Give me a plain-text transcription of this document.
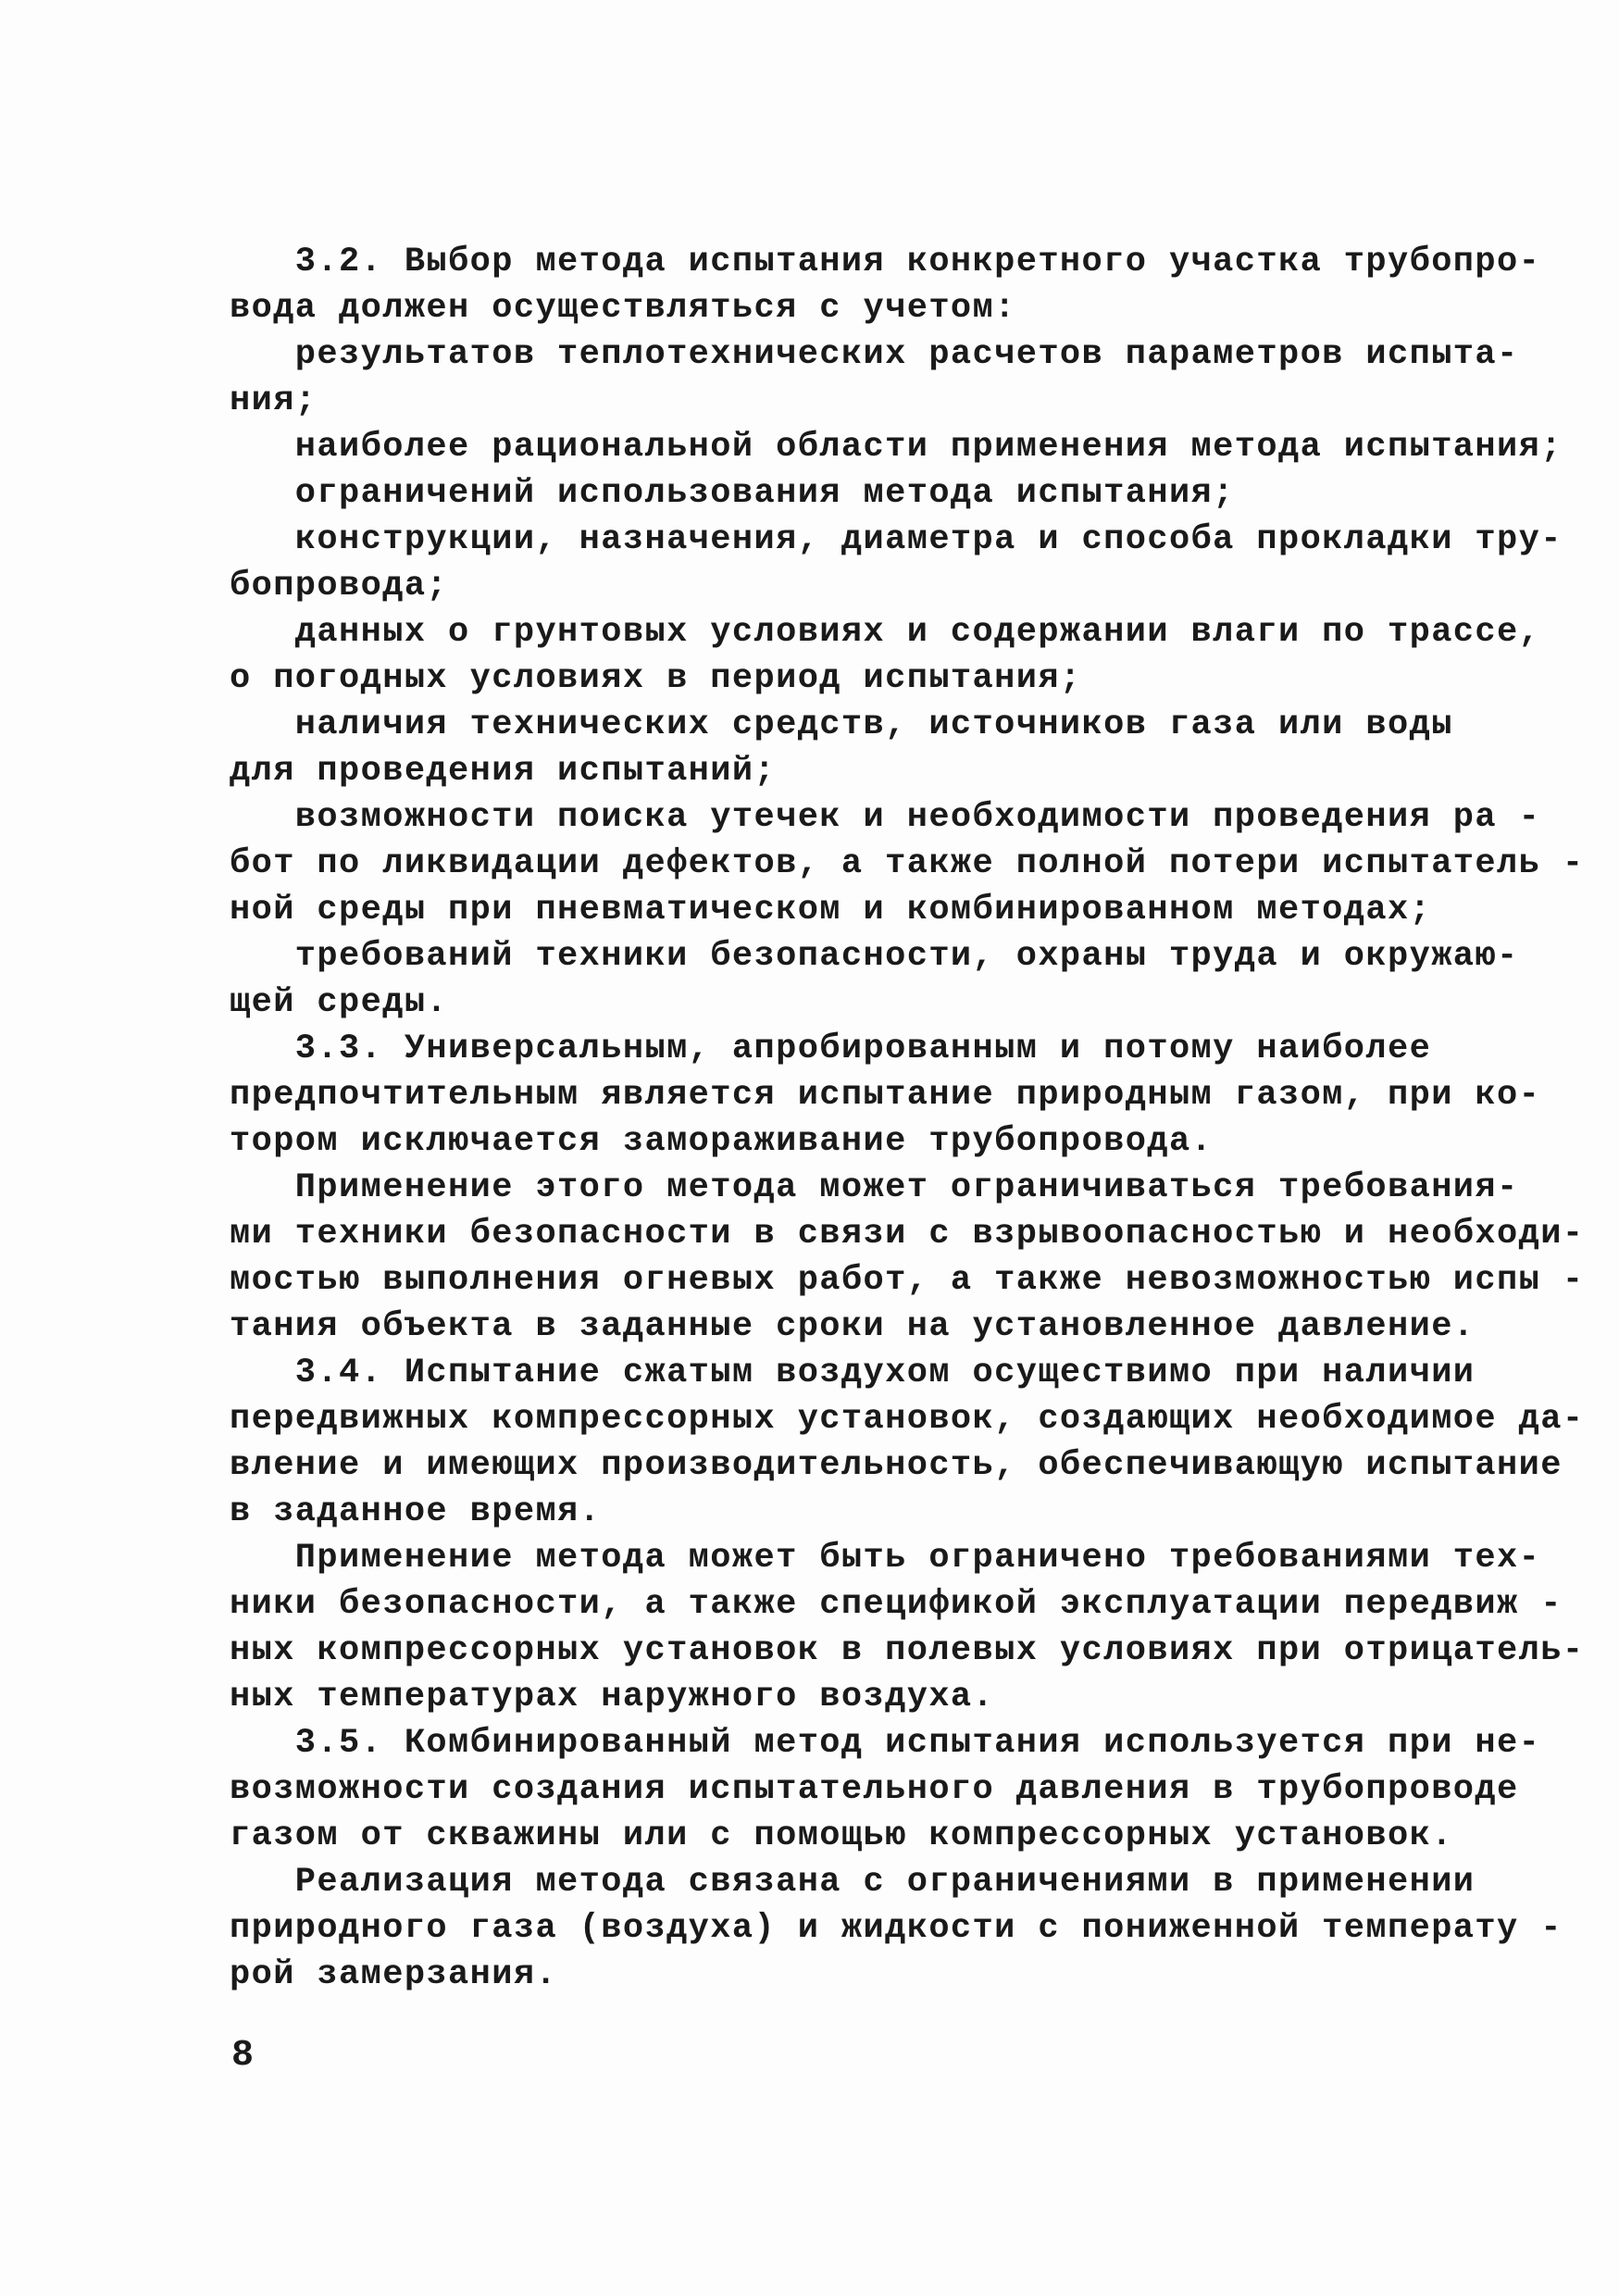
3.2. Выбор метода испытания конкретного участка трубопро-

вода должен осуществляться с учетом:

результатов теплотехнических расчетов параметров испыта-

ния;

наиболее рациональной области применения метода испытания;

ограничений использования метода испытания;

конструкции, назначения, диаметра и способа прокладки тру-

бопровода;

данных о грунтовых условиях и содержании влаги по трассе,

о погодных условиях в период испытания;

наличия технических средств, источников газа или воды

для проведения испытаний;

возможности поиска утечек и необходимости проведения ра -

бот по ликвидации дефектов, а также полной потери испытатель -

ной среды при пневматическом и комбинированном методах;

требований техники безопасности, охраны труда и окружаю-

щей среды.

3.3. Универсальным, апробированным и потому наиболее

предпочтительным является испытание природным газом, при ко-

тором исключается замораживание трубопровода.

Применение этого метода может ограничиваться требования-

ми техники безопасности в связи с взрывоопасностью и необходи-

мостью выполнения огневых работ, а также невозможностью испы -

тания объекта в заданные сроки на установленное давление.

3.4. Испытание сжатым воздухом осуществимо при наличии

передвижных компрессорных установок, создающих необходимое да-

вление и имеющих производительность, обеспечивающую испытание

в заданное время.

Применение метода может быть ограничено требованиями тех-

ники безопасности, а также спецификой эксплуатации передвиж -

ных компрессорных установок в полевых условиях при отрицатель-

ных температурах наружного воздуха.

3.5. Комбинированный метод испытания используется при не-

возможности создания испытательного давления в трубопроводе

газом от скважины или с помощью компрессорных установок.

Реализация метода связана с ограничениями в применении

природного газа (воздуха) и жидкости с пониженной температу -

рой замерзания.

8
